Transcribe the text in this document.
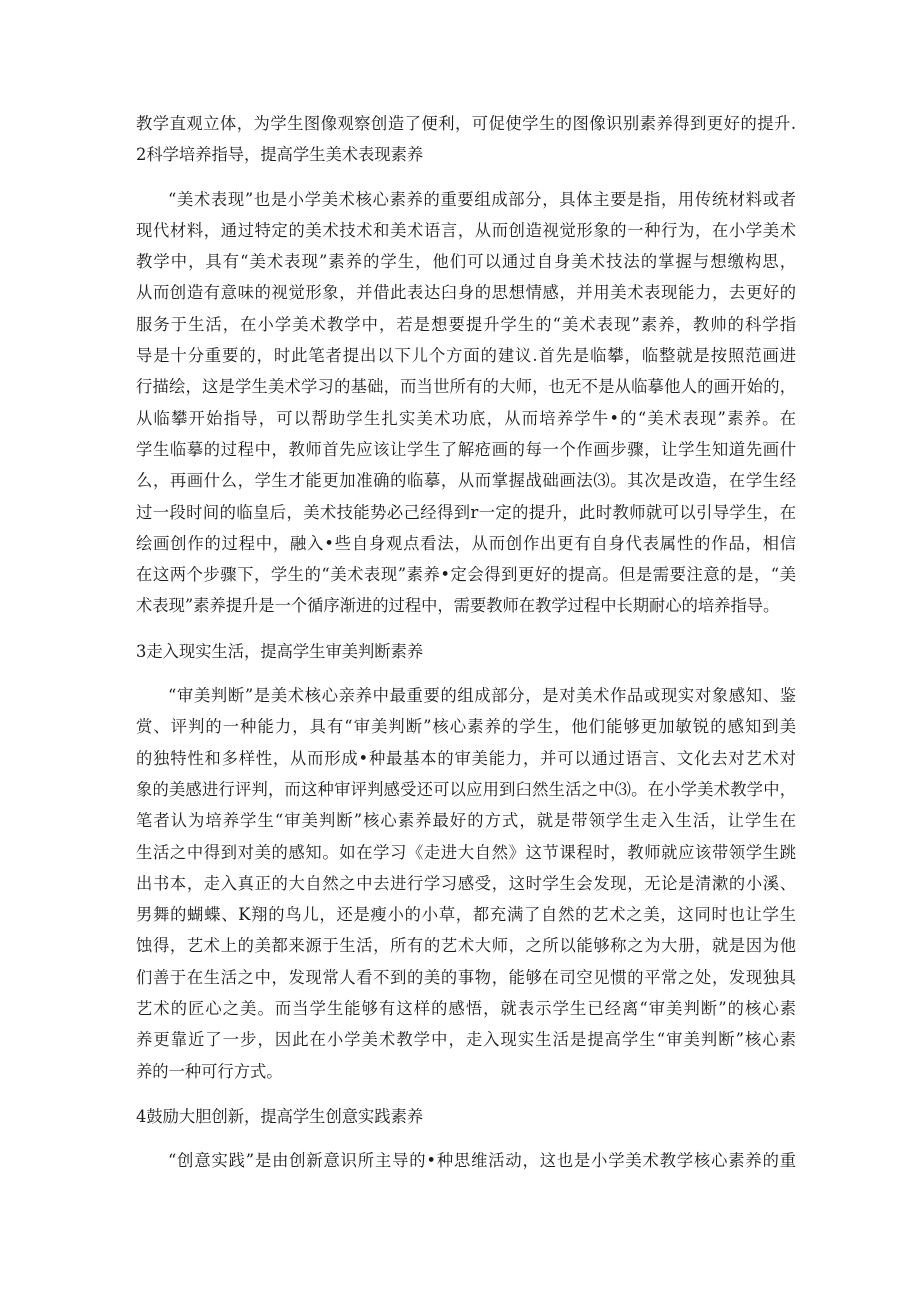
教学直观立体，为学生图像观察创造了便利，可促使学生的图像识别素养得到更好的提升.
2科学培养指导，提高学生美术表现素养
“美术表现”也是小学美术核心素养的重要组成部分，具体主要是指，用传统材料或者
现代材料，通过特定的美术技术和美术语言，从而创造视觉形象的一种行为，在小学美术
教学中，具有“美术表现”素养的学生，他们可以通过自身美术技法的掌握与想缴构思，
从而创造有意味的视觉形象，并借此表达臼身的思想情感，并用美术表现能力，去更好的
服务于生活，在小学美术教学中，若是想要提升学生的“美术表现”素养，教帅的科学指
导是十分重要的，时此笔者提出以下儿个方面的建议.首先是临攀，临整就是按照范画进
行描绘，这是学生美术学习的基础，而当世所有的大师，也无不是从临摹他人的画开始的，
从临攀开始指导，可以帮助学生扎实美术功底，从而培养学牛•的“美术表现”素养。在
学生临摹的过程中，教师首先应该让学生了解疮画的每一个作画步骤，让学生知道先画什
么，再画什么，学生才能更加准确的临摹，从而掌握战础画法⑶。其次是改造，在学生经
过一段时间的临皇后，美术技能势必己经得到r一定的提升，此时教师就可以引导学生，在
绘画创作的过程中，融入•些自身观点看法，从而创作出更有自身代表属性的作品，相信
在这两个步骤下，学生的“美术表现”素养•定会得到更好的提高。但是需要注意的是，“美
术表现”素养提升是一个循序渐进的过程中，需要教师在教学过程中长期耐心的培养指导。
3走入现实生活，提高学生审美判断素养
“审美判断”是美术核心亲养中最重要的组成部分，是对美术作品或现实对象感知、鉴
赏、评判的一种能力，具有“审美判断”核心素养的学生，他们能够更加敏锐的感知到美
的独特性和多样性，从而形成•种最基本的审美能力，并可以通过语言、文化去对艺术对
象的美感进行评判，而这种审评判感受还可以应用到臼然生活之中⑶。在小学美术教学中，
笔者认为培养学生“审美判断”核心素养最好的方式，就是带领学生走入生活，让学生在
生活之中得到对美的感知。如在学习《走进大自然》这节课程时，教师就应该带领学生跳
出书本，走入真正的大自然之中去进行学习感受，这时学生会发现，无论是清漱的小溪、
男舞的蝴蝶、K翔的鸟儿，还是瘦小的小草，都充满了自然的艺术之美，这同时也让学生
蚀得，艺术上的美都来源于生活，所有的艺术大师，之所以能够称之为大册，就是因为他
们善于在生活之中，发现常人看不到的美的事物，能够在司空见惯的平常之处，发现独具
艺术的匠心之美。而当学生能够有这样的感悟，就表示学生已经离“审美判断”的核心素
养更靠近了一步，因此在小学美术教学中，走入现实生活是提高学生“审美判断”核心素
养的一种可行方式。
4鼓励大胆创新，提高学生创意实践素养
“创意实践”是由创新意识所主导的•种思维活动，这也是小学美术教学核心素养的重
